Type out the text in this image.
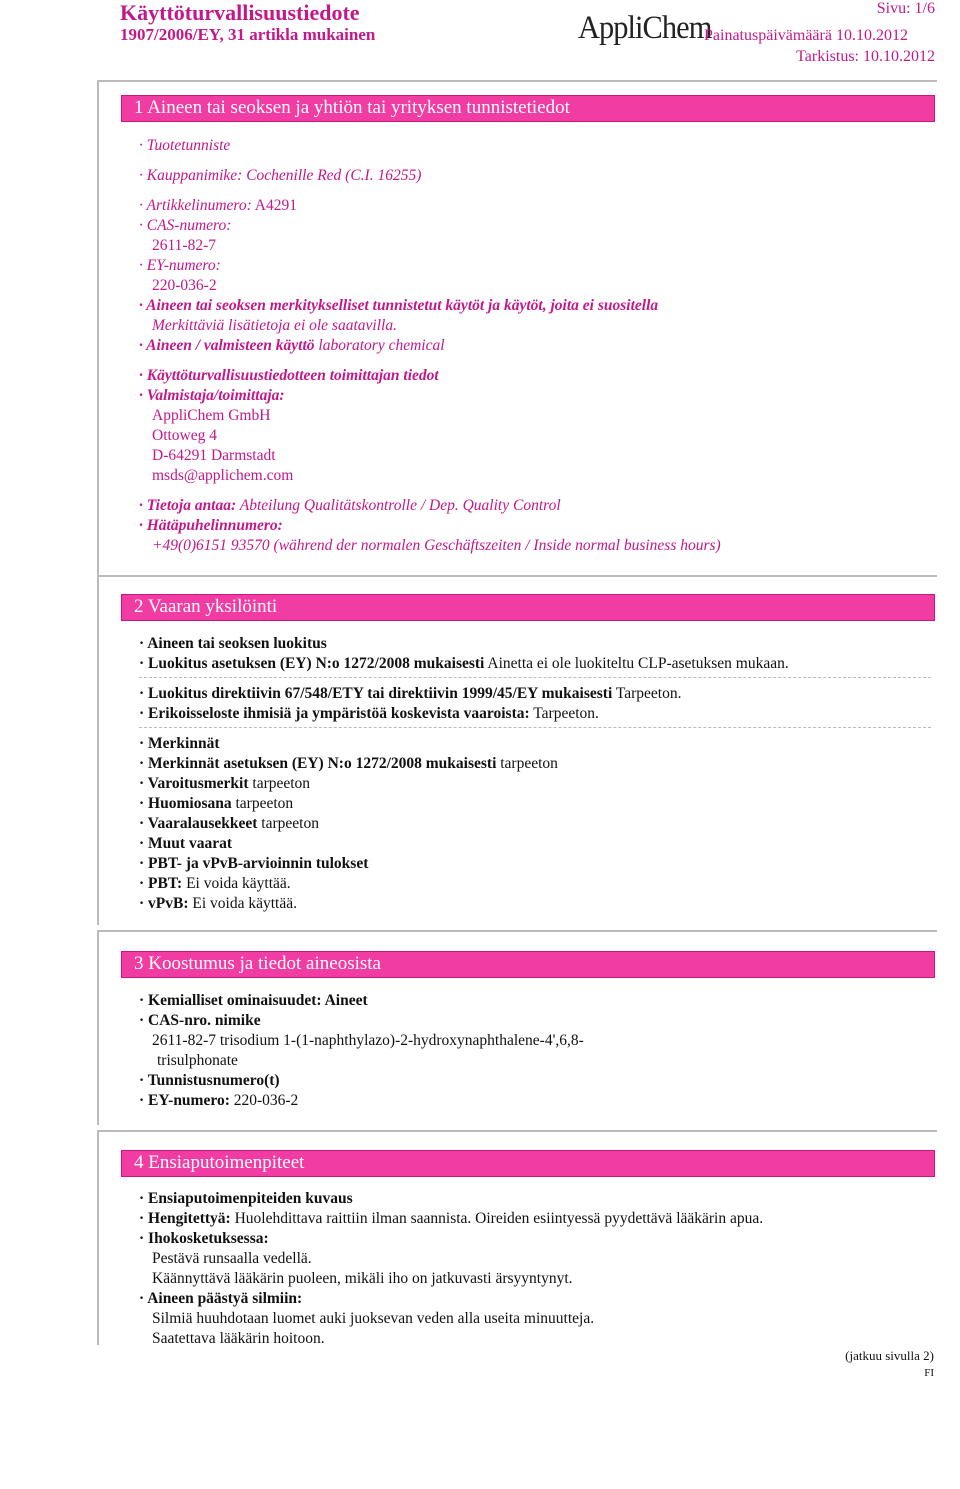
Käyttöturvallisuustiedote
1907/2006/EY, 31 artikla mukainen	AppliChem
Painatuspäivämäärä 10.10.2012
Sivu: 1/6
Tarkistus: 10.10.2012
1 Aineen tai seoksen ja yhtiön tai yrityksen tunnistetiedot
· Tuotetunniste
· Kauppanimike: Cochenille Red (C.I. 16255)
· Artikkelinumero: A4291
· CAS-numero:
2611-82-7
· EY-numero:
220-036-2
· Aineen tai seoksen merkitykselliset tunnistetut käytöt ja käytöt, joita ei suositella
Merkittäviä lisätietoja ei ole saatavilla.
· Aineen / valmisteen käyttö laboratory chemical
· Käyttöturvallisuustiedotteen toimittajan tiedot
· Valmistaja/toimittaja:
AppliChem GmbH
Ottoweg 4
D-64291 Darmstadt
msds@applichem.com
· Tietoja antaa: Abteilung Qualitätskontrolle / Dep. Quality Control
· Hätäpuhelinnumero:
+49(0)6151 93570 (während der normalen Geschäftszeiten / Inside normal business hours)
2 Vaaran yksilöinti
· Aineen tai seoksen luokitus
· Luokitus asetuksen (EY) N:o 1272/2008 mukaisesti Ainetta ei ole luokiteltu CLP-asetuksen mukaan.
· Luokitus direktiivin 67/548/ETY tai direktiivin 1999/45/EY mukaisesti Tarpeeton.
· Erikoisseloste ihmisiä ja ympäristöä koskevista vaaroista: Tarpeeton.
· Merkinnät
· Merkinnät asetuksen (EY) N:o 1272/2008 mukaisesti tarpeeton
· Varoitusmerkit tarpeeton
· Huomiosana tarpeeton
· Vaaralausekkeet tarpeeton
· Muut vaarat
· PBT- ja vPvB-arvioinnin tulokset
· PBT: Ei voida käyttää.
· vPvB: Ei voida käyttää.
3 Koostumus ja tiedot aineosista
· Kemialliset ominaisuudet: Aineet
· CAS-nro. nimike
2611-82-7 trisodium 1-(1-naphthylazo)-2-hydroxynaphthalene-4',6,8-
trisulphonate
· Tunnistusnumero(t)
· EY-numero: 220-036-2
4 Ensiaputoimenpiteet
· Ensiaputoimenpiteiden kuvaus
· Hengitettyä: Huolehdittava raittiin ilman saannista. Oireiden esiintyessä pyydettävä lääkärin apua.
· Ihokosketuksessa:
Pestävä runsaalla vedellä.
Käännyttävä lääkärin puoleen, mikäli iho on jatkuvasti ärsyyntynyt.
· Aineen päästyä silmiin:
Silmiä huuhdotaan luomet auki juoksevan veden alla useita minuutteja.
Saatettava lääkärin hoitoon.
(jatkuu sivulla 2)
FI
